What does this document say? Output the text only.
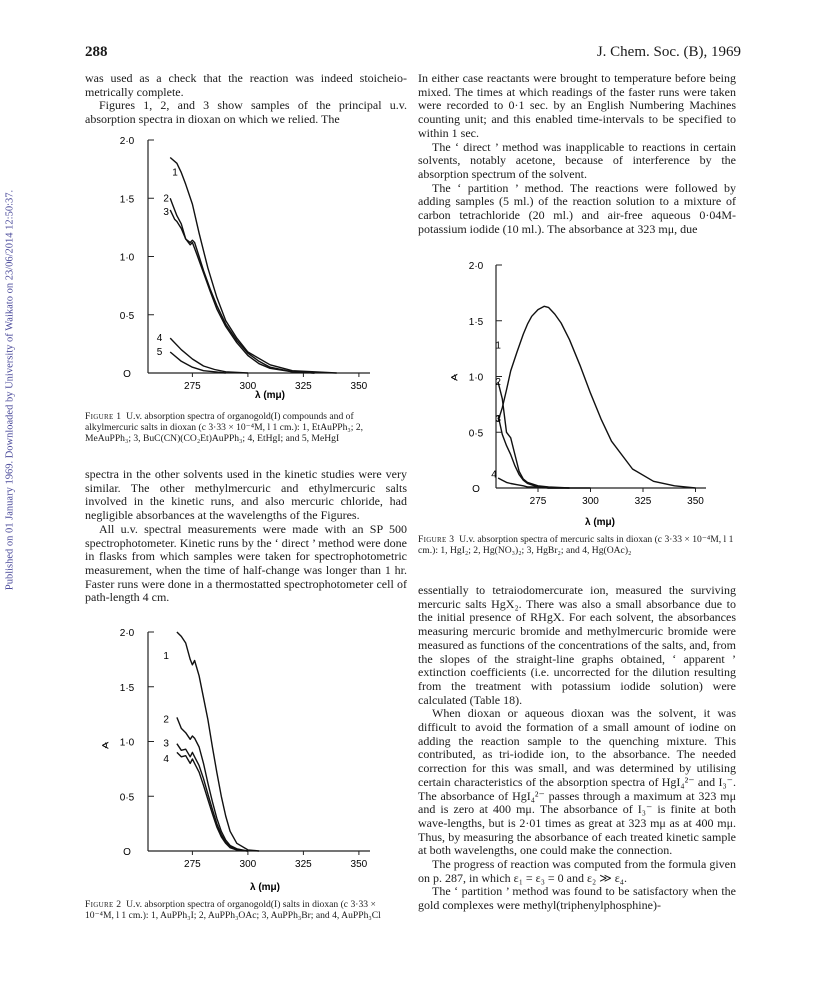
Published on 01 January 1969. Downloaded by University of Waikato on 23/06/2014 12:50:37.
288	J. Chem. Soc. (B), 1969

was used as a check that the reaction was indeed stoicheio-metrically complete.

Figures 1, 2, and 3 show samples of the principal u.v. absorption spectra in dioxan on which we relied. The

O
0·5
1·0
1·5
2·0
275	300	325	350
λ (mμ)
1
2
3
4
5
Figure 1 U.v. absorption spectra of organogold(I) compounds and of alkylmercuric salts in dioxan (c 3·33 × 10⁻⁴M, l 1 cm.): 1, EtAuPPh₃; 2, MeAuPPh₃; 3, BuC(CN)(CO₂Et)AuPPh₃; 4, EtHgI; and 5, MeHgI

spectra in the other solvents used in the kinetic studies were very similar. The other methylmercuric and ethylmercuric salts involved in the kinetic runs, and also mercuric chloride, had negligible absorbances at the wavelengths of the Figures.

All u.v. spectral measurements were made with an SP 500 spectrophotometer. Kinetic runs by the ‘ direct ’ method were done in flasks from which samples were taken for spectrophotometric measurement, when the time of half-change was longer than 1 hr. Faster runs were done in a thermostatted spectrophotometer cell of path-length 4 cm.

∢
O
0·5
1·0
1·5
2·0
275	300	325	350
λ (mμ)
1
2
3
4
Figure 2 U.v. absorption spectra of organogold(I) salts in dioxan (c 3·33 × 10⁻⁴M, l 1 cm.): 1, AuPPh₃I; 2, AuPPh₃OAc; 3, AuPPh₃Br; and 4, AuPPh₃Cl

In either case reactants were brought to temperature before being mixed. The times at which readings of the faster runs were taken were recorded to 0·1 sec. by an English Numbering Machines counting unit; and this enabled time-intervals to be specified to within 1 sec.

The ‘ direct ’ method was inapplicable to reactions in certain solvents, notably acetone, because of interference by the absorption spectrum of the solvent.

The ‘ partition ’ method. The reactions were followed by adding samples (5 ml.) of the reaction solution to a mixture of carbon tetrachloride (20 ml.) and air-free aqueous 0·04M-potassium iodide (10 ml.). The absorbance at 323 mμ, due

∢
O
0·5
1·0
1·5
2·0
275	300	325	350
λ (mμ)
1
2
3
4
Figure 3 U.v. absorption spectra of mercuric salts in dioxan (c 3·33 × 10⁻⁴M, l 1 cm.): 1, HgI₂; 2, Hg(NO₃)₂; 3, HgBr₂; and 4, Hg(OAc)₂

essentially to tetraiodomercurate ion, measured the surviving mercuric salts HgX₂. There was also a small absorbance due to the initial presence of RHgX. For each solvent, the absorbances measuring mercuric bromide and methylmercuric bromide were measured as functions of the concentrations of the salts, and, from the slopes of the straight-line graphs obtained, ‘ apparent ’ extinction coefficients (i.e. uncorrected for the dilution resulting from the treatment with potassium iodide solution) were calculated (Table 18).

When dioxan or aqueous dioxan was the solvent, it was difficult to avoid the formation of a small amount of iodine on adding the reaction sample to the quenching mixture. This contributed, as tri-iodide ion, to the absorbance. The needed correction for this was small, and was determined by utilising certain characteristics of the absorption spectra of HgI₄²⁻ and I₃⁻. The absorbance of HgI₄²⁻ passes through a maximum at 323 mμ and is zero at 400 mμ. The absorbance of I₃⁻ is finite at both wave-lengths, but is 2·01 times as great at 323 mμ as at 400 mμ. Thus, by measuring the absorbance of each treated kinetic sample at both wavelengths, one could make the connection.

The progress of reaction was computed from the formula given on p. 287, in which ε₁ = ε₃ = 0 and ε₂ ≫ ε₄.

The ‘ partition ’ method was found to be satisfactory when the gold complexes were methyl(triphenylphosphine)-
